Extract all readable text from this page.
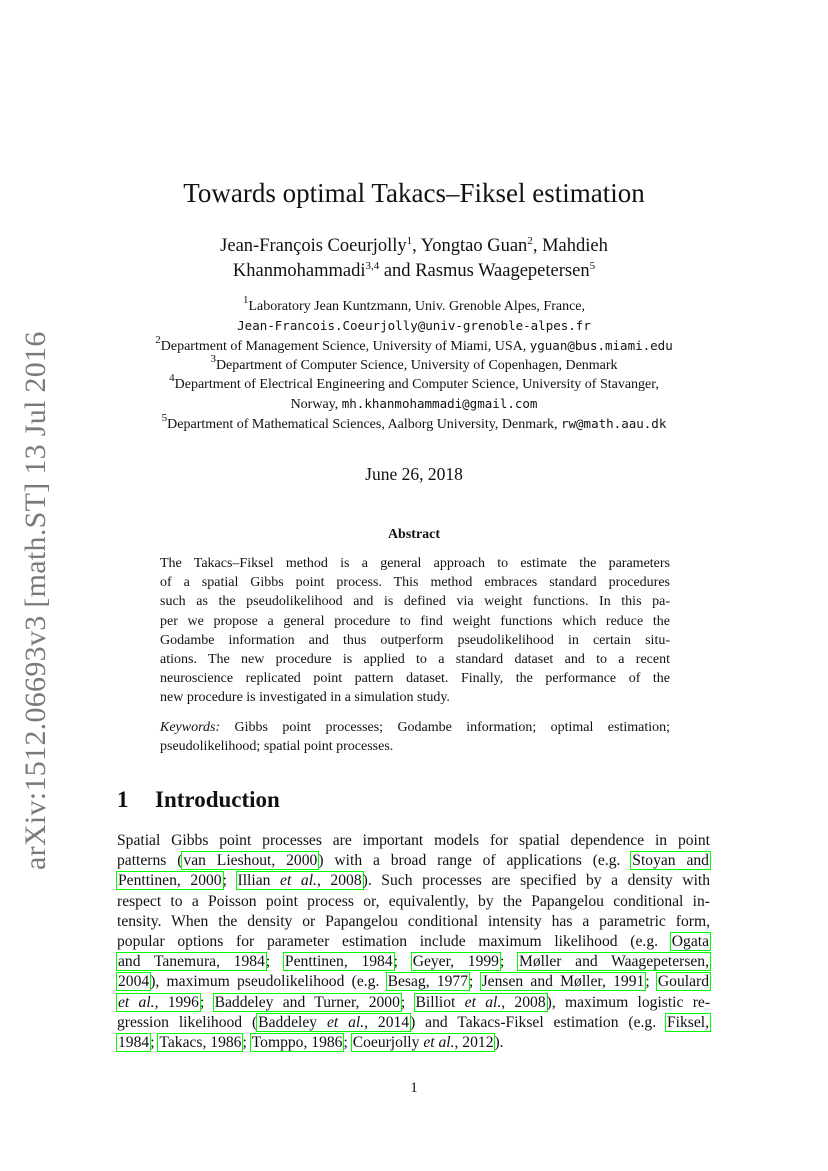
arXiv:1512.06693v3 [math.ST] 13 Jul 2016
Towards optimal Takacs–Fiksel estimation
Jean-François Coeurjolly$^1$, Yongtao Guan$^2$, Mahdieh
Khanmohammadi$^{3,4}$ and Rasmus Waagepetersen$^5$
$^1$Laboratory Jean Kuntzmann, Univ. Grenoble Alpes, France,
Jean-Francois.Coeurjolly@univ-grenoble-alpes.fr
$^2$Department of Management Science, University of Miami, USA, yguan@bus.miami.edu
$^3$Department of Computer Science, University of Copenhagen, Denmark
$^4$Department of Electrical Engineering and Computer Science, University of Stavanger,
Norway, mh.khanmohammadi@gmail.com
$^5$Department of Mathematical Sciences, Aalborg University, Denmark, rw@math.aau.dk
June 26, 2018
Abstract
The Takacs–Fiksel method is a general approach to estimate the parameters
of a spatial Gibbs point process. This method embraces standard procedures
such as the pseudolikelihood and is defined via weight functions. In this pa-
per we propose a general procedure to find weight functions which reduce the
Godambe information and thus outperform pseudolikelihood in certain situ-
ations. The new procedure is applied to a standard dataset and to a recent
neuroscience replicated point pattern dataset. Finally, the performance of the
new procedure is investigated in a simulation study.
Keywords: Gibbs point processes; Godambe information; optimal estimation;
pseudolikelihood; spatial point processes.
1 Introduction
Spatial Gibbs point processes are important models for spatial dependence in point
patterns (van Lieshout, 2000) with a broad range of applications (e.g. Stoyan and
Penttinen, 2000; Illian et al., 2008). Such processes are specified by a density with
respect to a Poisson point process or, equivalently, by the Papangelou conditional in-
tensity. When the density or Papangelou conditional intensity has a parametric form,
popular options for parameter estimation include maximum likelihood (e.g. Ogata
and Tanemura, 1984; Penttinen, 1984; Geyer, 1999; Møller and Waagepetersen,
2004), maximum pseudolikelihood (e.g. Besag, 1977; Jensen and Møller, 1991; Goulard
et al., 1996; Baddeley and Turner, 2000; Billiot et al., 2008), maximum logistic re-
gression likelihood (Baddeley et al., 2014) and Takacs-Fiksel estimation (e.g. Fiksel,
1984; Takacs, 1986; Tomppo, 1986; Coeurjolly et al., 2012).
1
